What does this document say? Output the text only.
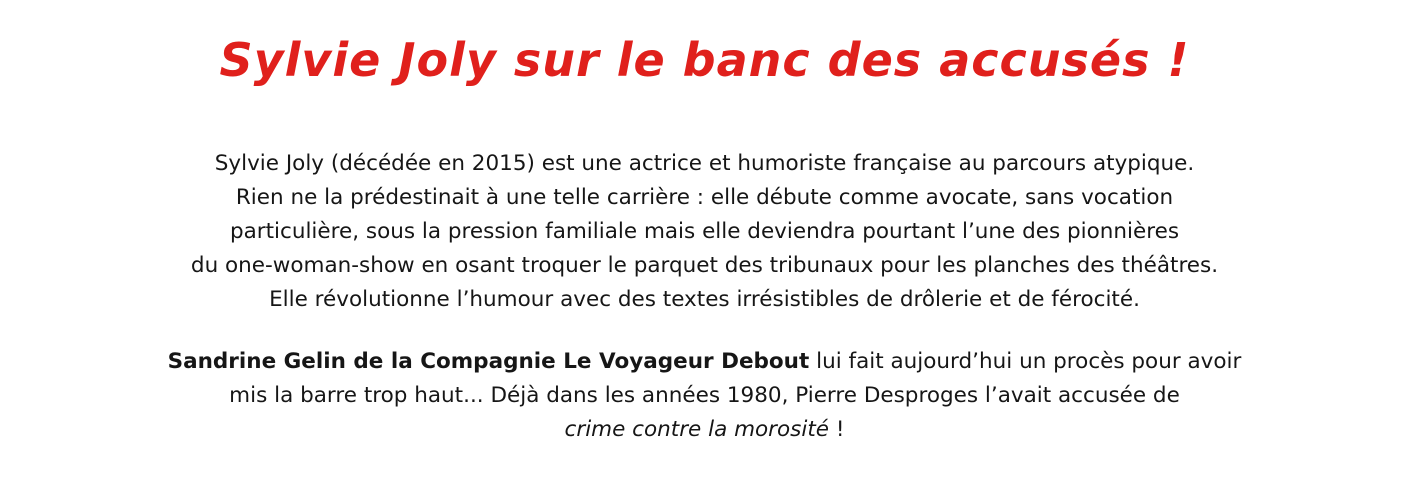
Sylvie Joly sur le banc des accusés !

Sylvie Joly (décédée en 2015) est une actrice et humoriste française au parcours atypique.
Rien ne la prédestinait à une telle carrière : elle débute comme avocate, sans vocation
particulière, sous la pression familiale mais elle deviendra pourtant l’une des pionnières
du one-woman-show en osant troquer le parquet des tribunaux pour les planches des théâtres.
Elle révolutionne l’humour avec des textes irrésistibles de drôlerie et de férocité.

Sandrine Gelin de la Compagnie Le Voyageur Debout lui fait aujourd’hui un procès pour avoir
mis la barre trop haut... Déjà dans les années 1980, Pierre Desproges l’avait accusée de
crime contre la morosité !
